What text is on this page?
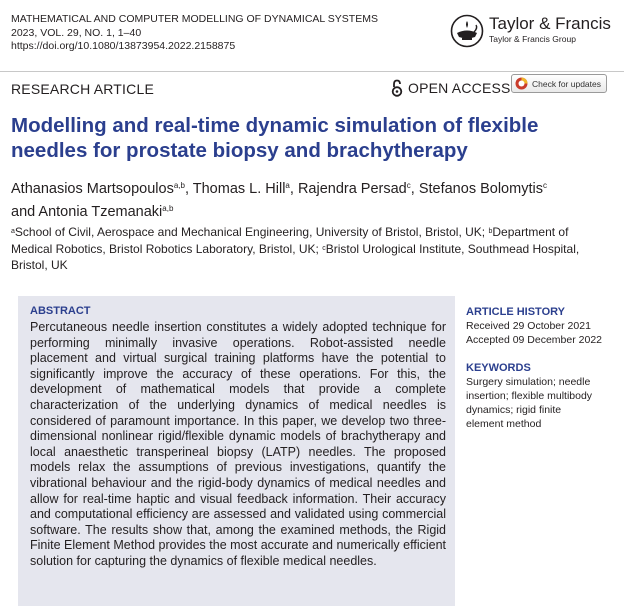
MATHEMATICAL AND COMPUTER MODELLING OF DYNAMICAL SYSTEMS
2023, VOL. 29, NO. 1, 1–40
https://doi.org/10.1080/13873954.2022.2158875
Taylor & Francis
Taylor & Francis Group
RESEARCH ARTICLE	OPEN ACCESS	Check for updates
Modelling and real-time dynamic simulation of flexible needles for prostate biopsy and brachytherapy
Athanasios Martsopoulos$^{a,b}$, Thomas L. Hill$^a$, Rajendra Persad$^c$, Stefanos Bolomytis$^c$
and Antonia Tzemanaki$^{a,b}$
$^a$School of Civil, Aerospace and Mechanical Engineering, University of Bristol, Bristol, UK; $^b$Department of Medical Robotics, Bristol Robotics Laboratory, Bristol, UK; $^c$Bristol Urological Institute, Southmead Hospital, Bristol, UK
ABSTRACT
Percutaneous needle insertion constitutes a widely adopted technique for performing minimally invasive operations. Robot-assisted needle placement and virtual surgical training platforms have the potential to significantly improve the accuracy of these operations. For this, the development of mathematical models that provide a complete characterization of the underlying dynamics of medical needles is considered of paramount importance. In this paper, we develop two three-dimensional nonlinear rigid/flexible dynamic models of brachytherapy and local anaesthetic transperineal biopsy (LATP) needles. The proposed models relax the assumptions of previous investigations, quantify the vibrational behaviour and the rigid-body dynamics of medical needles and allow for real-time haptic and visual feedback information. Their accuracy and computational efficiency are assessed and validated using commercial software. The results show that, among the examined methods, the Rigid Finite Element Method provides the most accurate and numerically efficient solution for capturing the dynamics of flexible medical needles.
ARTICLE HISTORY
Received 29 October 2021
Accepted 09 December 2022
KEYWORDS
Surgery simulation; needle
insertion; flexible multibody
dynamics; rigid finite
element method
